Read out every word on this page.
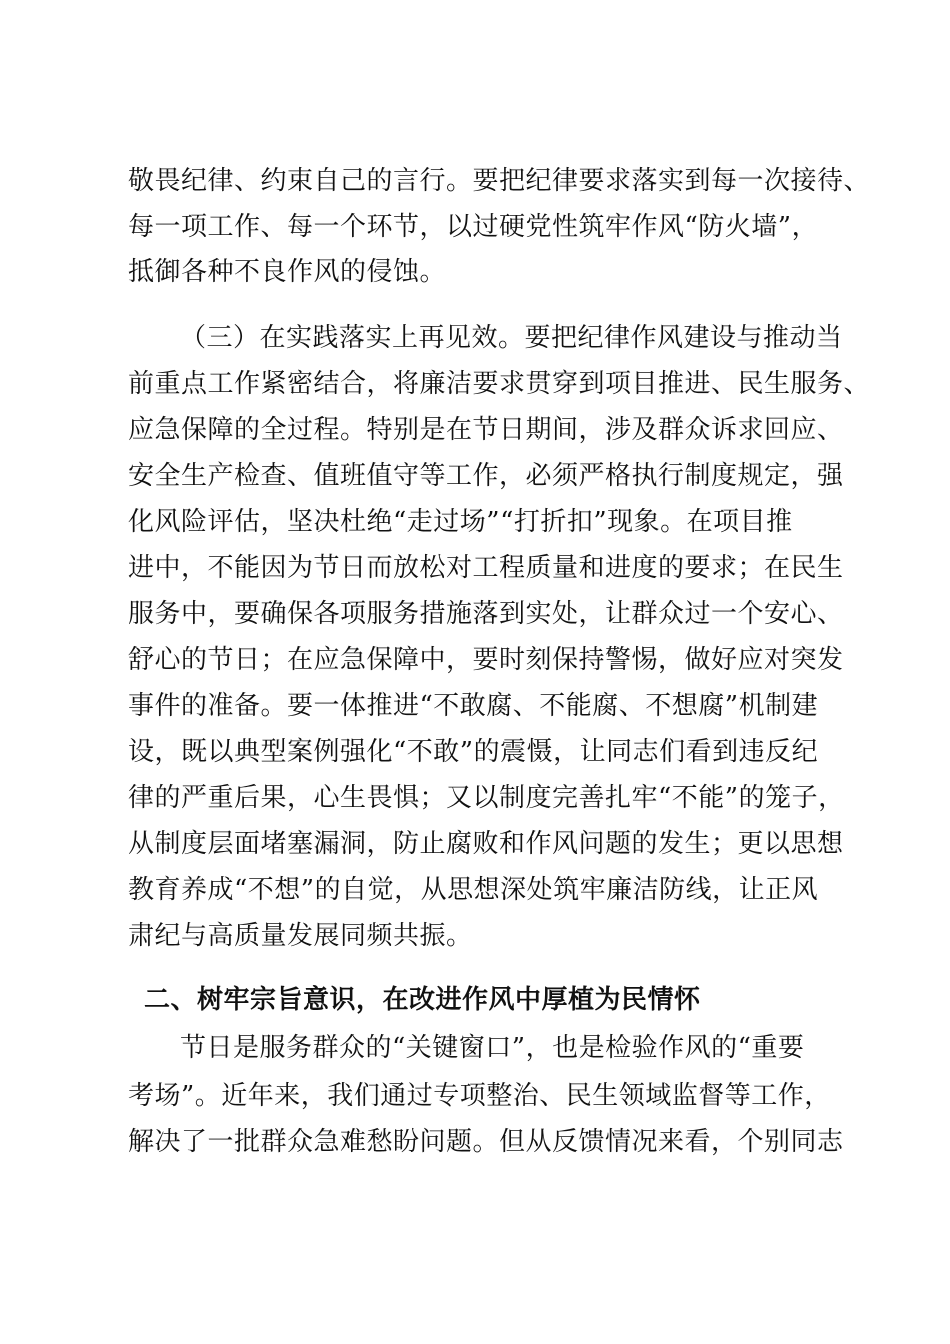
敬畏纪律、约束自己的言行。要把纪律要求落实到每一次接待、
每一项工作、每一个环节，以过硬党性筑牢作风“防火墙”，
抵御各种不良作风的侵蚀。
（三）在实践落实上再见效。要把纪律作风建设与推动当
前重点工作紧密结合，将廉洁要求贯穿到项目推进、民生服务、
应急保障的全过程。特别是在节日期间，涉及群众诉求回应、
安全生产检查、值班值守等工作，必须严格执行制度规定，强
化风险评估，坚决杜绝“走过场”“打折扣”现象。在项目推
进中，不能因为节日而放松对工程质量和进度的要求；在民生
服务中，要确保各项服务措施落到实处，让群众过一个安心、
舒心的节日；在应急保障中，要时刻保持警惕，做好应对突发
事件的准备。要一体推进“不敢腐、不能腐、不想腐”机制建
设，既以典型案例强化“不敢”的震慑，让同志们看到违反纪
律的严重后果，心生畏惧；又以制度完善扎牢“不能”的笼子，
从制度层面堵塞漏洞，防止腐败和作风问题的发生；更以思想
教育养成“不想”的自觉，从思想深处筑牢廉洁防线，让正风
肃纪与高质量发展同频共振。
二、树牢宗旨意识，在改进作风中厚植为民情怀
节日是服务群众的“关键窗口”，也是检验作风的“重要
考场”。近年来，我们通过专项整治、民生领域监督等工作，
解决了一批群众急难愁盼问题。但从反馈情况来看，个别同志
